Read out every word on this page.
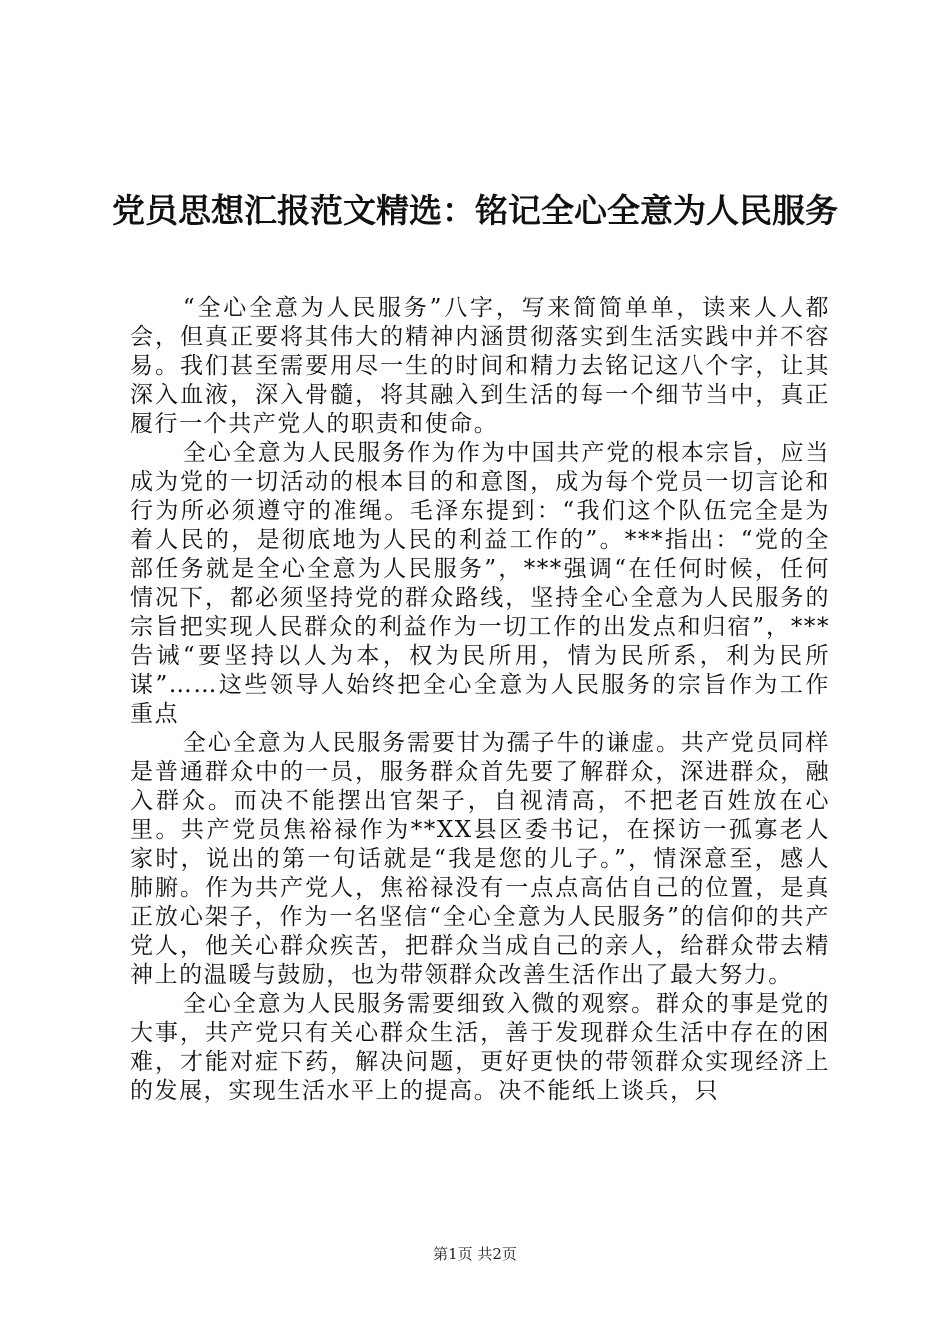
党员思想汇报范文精选：铭记全心全意为人民服务

“全心全意为人民服务”八字，写来简简单单，读来人人都会，但真正要将其伟大的精神内涵贯彻落实到生活实践中并不容易。我们甚至需要用尽一生的时间和精力去铭记这八个字，让其深入血液，深入骨髓，将其融入到生活的每一个细节当中，真正履行一个共产党人的职责和使命。

全心全意为人民服务作为作为中国共产党的根本宗旨，应当成为党的一切活动的根本目的和意图，成为每个党员一切言论和行为所必须遵守的准绳。毛泽东提到：“我们这个队伍完全是为着人民的，是彻底地为人民的利益工作的”。***指出：“党的全部任务就是全心全意为人民服务”，***强调“在任何时候，任何情况下，都必须坚持党的群众路线，坚持全心全意为人民服务的宗旨把实现人民群众的利益作为一切工作的出发点和归宿”，***告诫“要坚持以人为本，权为民所用，情为民所系，利为民所谋”……这些领导人始终把全心全意为人民服务的宗旨作为工作重点

全心全意为人民服务需要甘为孺子牛的谦虚。共产党员同样是普通群众中的一员，服务群众首先要了解群众，深进群众，融入群众。而决不能摆出官架子，自视清高，不把老百姓放在心里。共产党员焦裕禄作为**XX县区委书记，在探访一孤寡老人家时，说出的第一句话就是“我是您的儿子。”，情深意至，感人肺腑。作为共产党人，焦裕禄没有一点点高估自己的位置，是真正放心架子，作为一名坚信“全心全意为人民服务”的信仰的共产党人，他关心群众疾苦，把群众当成自己的亲人，给群众带去精神上的温暖与鼓励，也为带领群众改善生活作出了最大努力。

全心全意为人民服务需要细致入微的观察。群众的事是党的大事，共产党只有关心群众生活，善于发现群众生活中存在的困难，才能对症下药，解决问题，更好更快的带领群众实现经济上的发展，实现生活水平上的提高。决不能纸上谈兵，只

第1页 共2页
